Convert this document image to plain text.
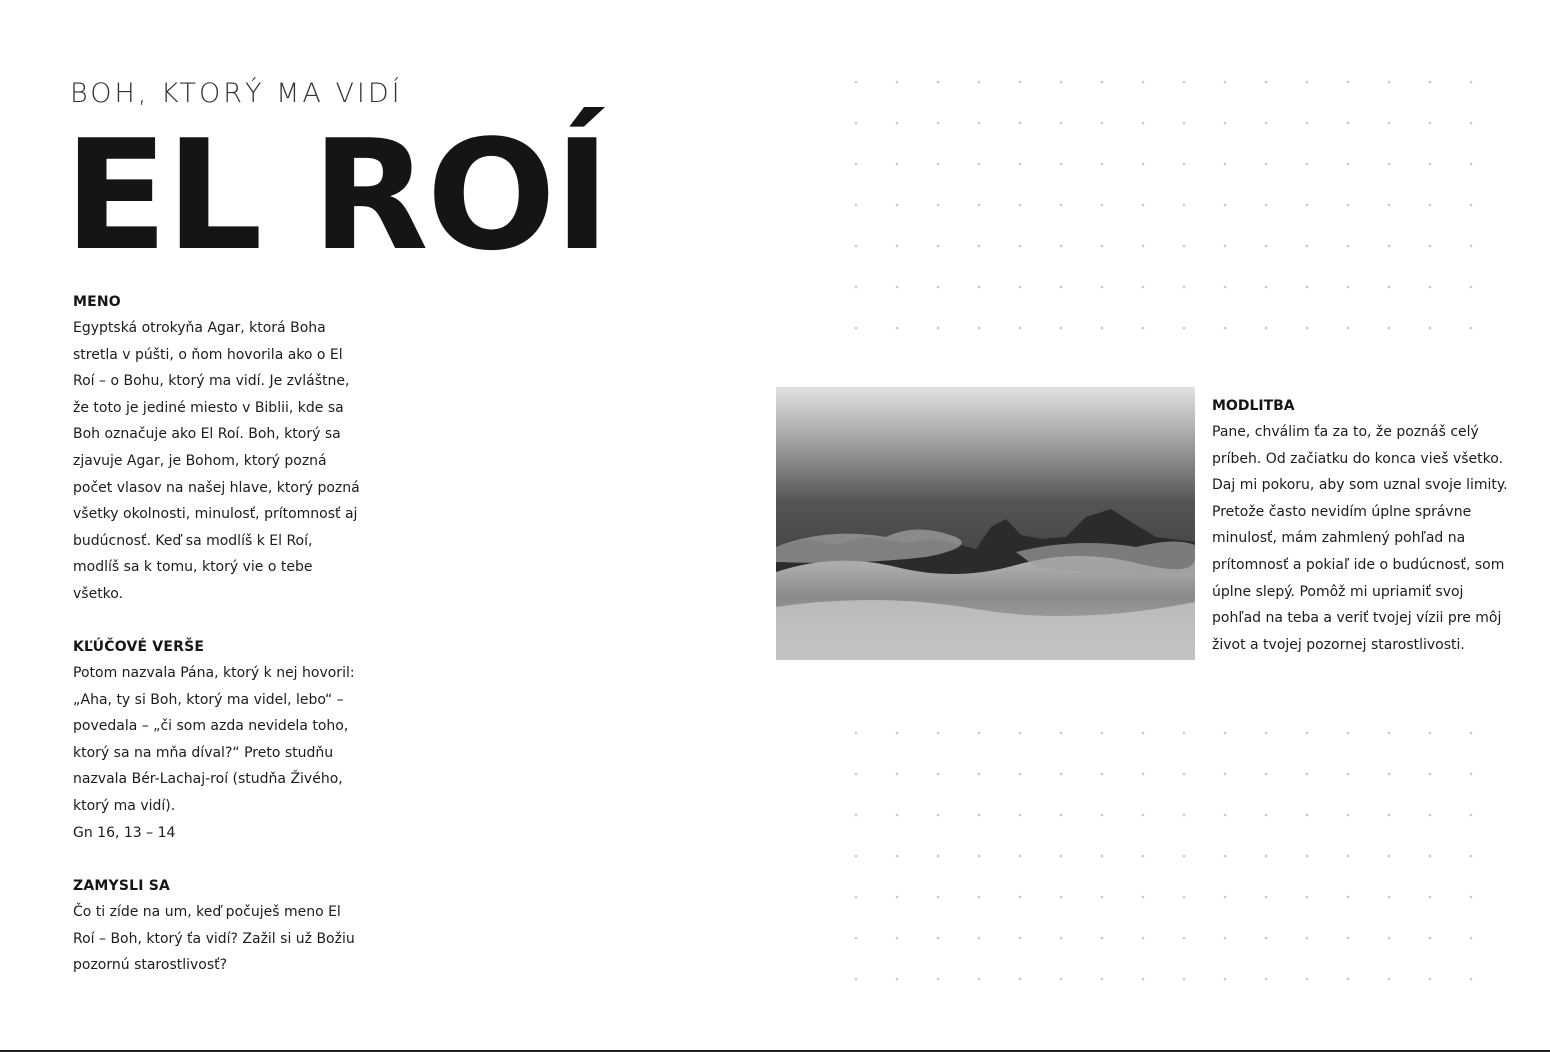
BOH, KTORÝ MA VIDÍ
EL ROÍ
MENO

Egyptská otrokyňa Agar, ktorá Boha stretla v púšti, o ňom hovorila ako o El Roí – o Bohu, ktorý ma vidí. Je zvláštne, že toto je jediné miesto v Biblii, kde sa Boh označuje ako El Roí. Boh, ktorý sa zjavuje Agar, je Bohom, ktorý pozná počet vlasov na našej hlave, ktorý pozná všetky okolnosti, minulosť, prítomnosť aj budúcnosť. Keď sa modlíš k El Roí, modlíš sa k tomu, ktorý vie o tebe všetko.

KĽÚČOVÉ VERŠE

Potom nazvala Pána, ktorý k nej hovoril: „Aha, ty si Boh, ktorý ma videl, lebo“ – povedala – „či som azda nevidela toho, ktorý sa na mňa díval?“ Preto studňu nazvala Bér-Lachaj-roí (studňa Živého, ktorý ma vidí).

Gn 16, 13 – 14

ZAMYSLI SA

Čo ti zíde na um, keď počuješ meno El Roí – Boh, ktorý ťa vidí? Zažil si už Božiu pozornú starostlivosť?

MODLITBA

Pane, chválim ťa za to, že poznáš celý príbeh. Od začiatku do konca vieš všetko. Daj mi pokoru, aby som uznal svoje limity. Pretože často nevidím úplne správne minulosť, mám zahmlený pohľad na prítomnosť a pokiaľ ide o budúcnosť, som úplne slepý. Pomôž mi upriamiť svoj pohľad na teba a veriť tvojej vízii pre môj život a tvojej pozornej starostlivosti.
